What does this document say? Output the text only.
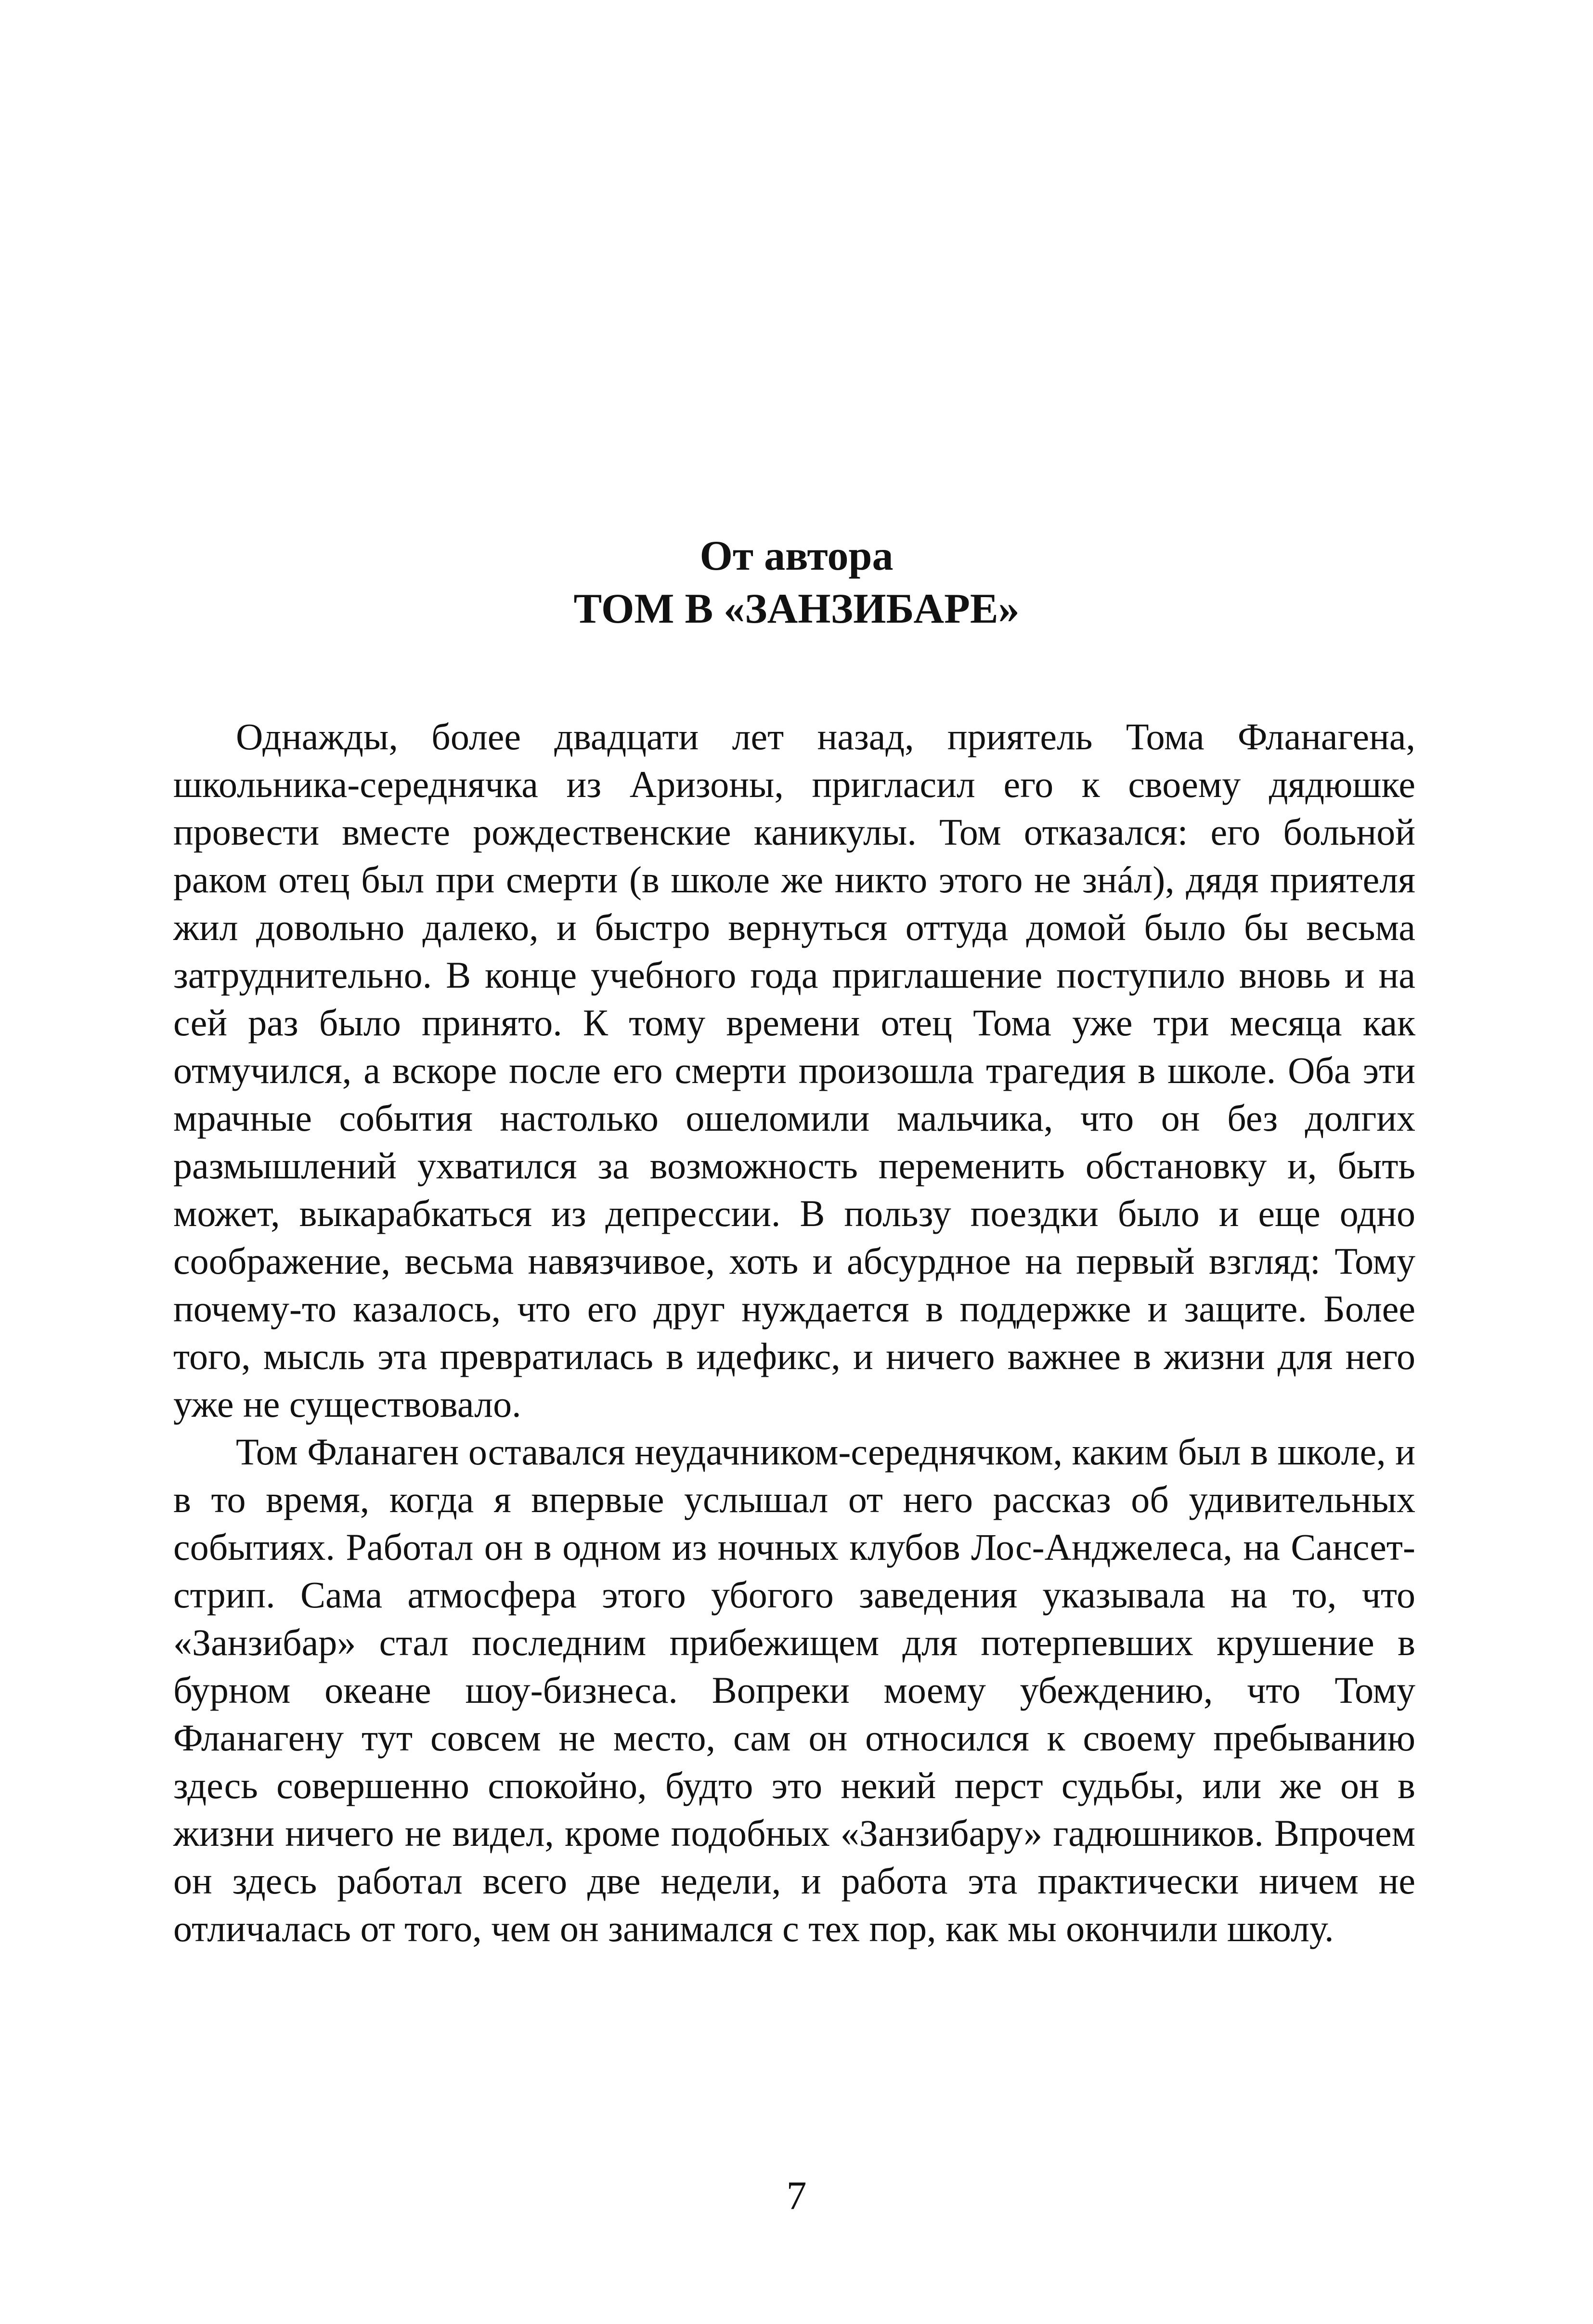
От автора
ТОМ В «ЗАНЗИБАРЕ»

Однажды, более двадцати лет назад, приятель Тома Фланагена, школьника-середнячка из Аризоны, пригласил его к своему дядюшке провести вместе рождественские каникулы. Том отказался: его больной раком отец был при смерти (в школе же никто этого не знáл), дядя приятеля жил довольно далеко, и быстро вернуться оттуда домой было бы весьма затруднительно. В конце учебного года приглашение поступило вновь и на сей раз было принято. К тому времени отец Тома уже три месяца как отмучился, а вскоре после его смерти произошла трагедия в школе. Оба эти мрачные события настолько ошеломили мальчика, что он без долгих размышлений ухватился за возможность переменить обстановку и, быть может, выкарабкаться из депрессии. В пользу поездки было и еще одно соображение, весьма навязчивое, хоть и абсурдное на первый взгляд: Тому почему-то казалось, что его друг нуждается в поддержке и защите. Более того, мысль эта превратилась в идефикс, и ничего важнее в жизни для него уже не существовало.

Том Фланаген оставался неудачником-середнячком, каким был в школе, и в то время, когда я впервые услышал от него рассказ об удивительных событиях. Работал он в одном из ночных клубов Лос-Анджелеса, на Сансет-стрип. Сама атмосфера этого убогого заведения указывала на то, что «Занзибар» стал последним прибежищем для потерпевших крушение в бурном океане шоу-бизнеса. Вопреки моему убеждению, что Тому Фланагену тут совсем не место, сам он относился к своему пребыванию здесь совершенно спокойно, будто это некий перст судьбы, или же он в жизни ничего не видел, кроме подобных «Занзибару» гадюшников. Впрочем он здесь работал всего две недели, и работа эта практически ничем не отличалась от того, чем он занимался с тех пор, как мы окончили школу.

7
